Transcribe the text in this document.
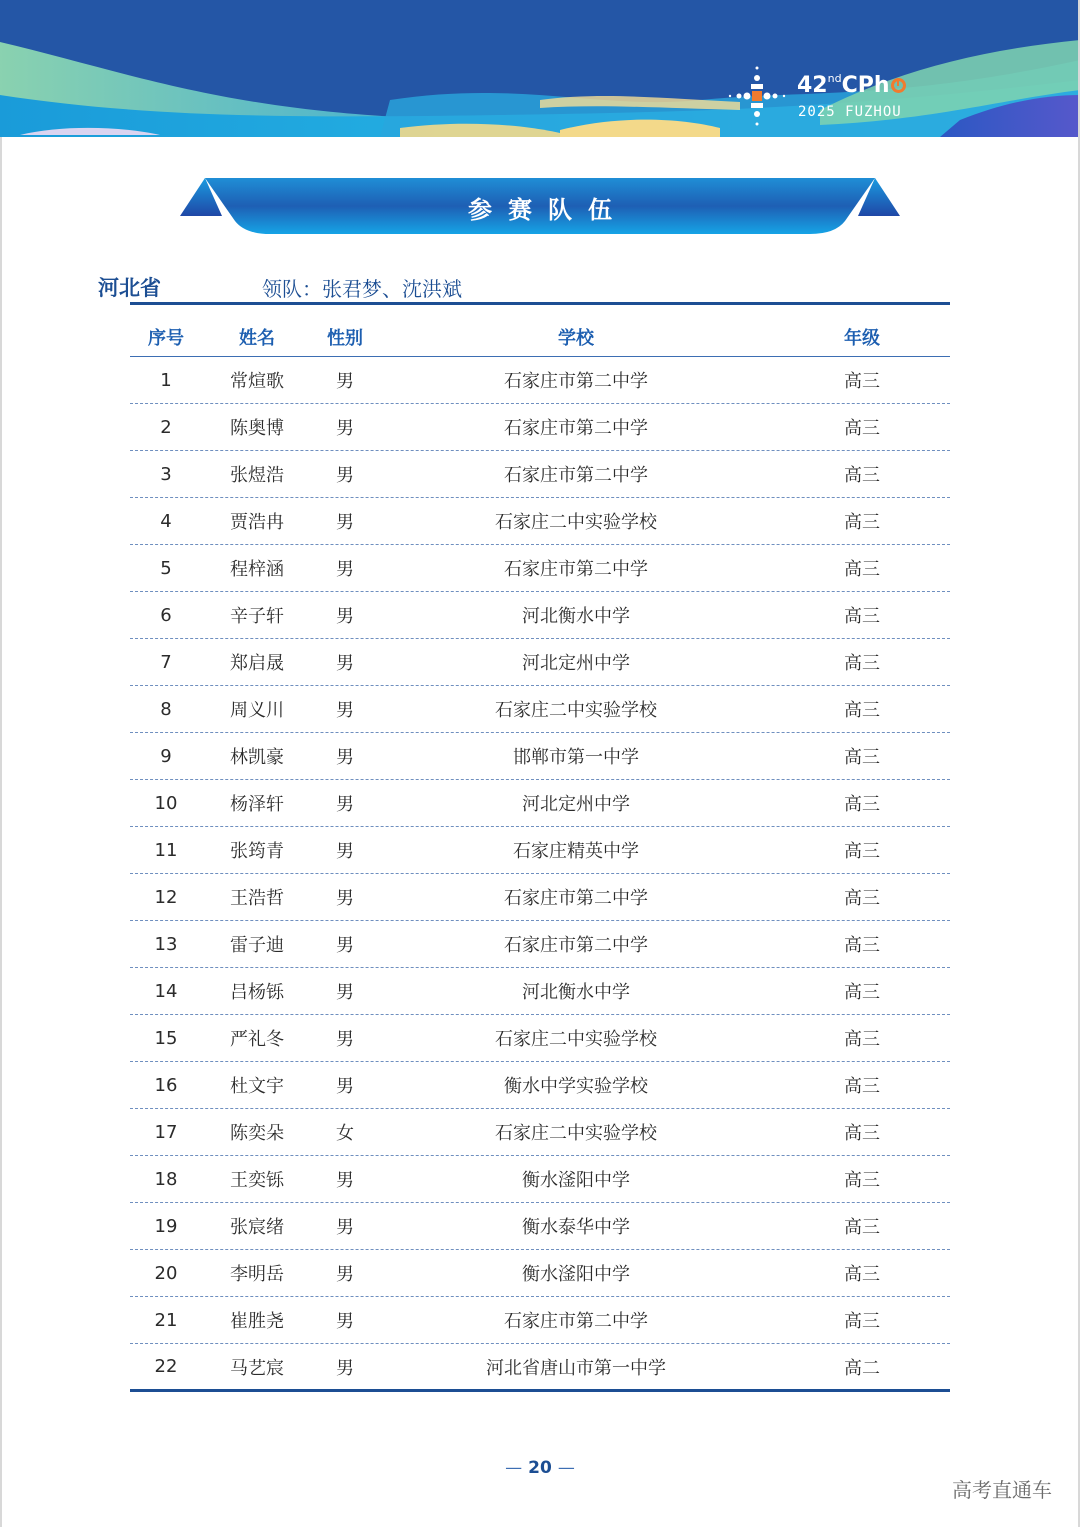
42ndCPh
2025 FUZHOU
参赛队伍
河北省	领队：张君梦、沈洪斌
序号	姓名	性别	学校	年级
1	常煊歌	男	石家庄市第二中学	高三
2	陈奥博	男	石家庄市第二中学	高三
3	张煜浩	男	石家庄市第二中学	高三
4	贾浩冉	男	石家庄二中实验学校	高三
5	程梓涵	男	石家庄市第二中学	高三
6	辛子轩	男	河北衡水中学	高三
7	郑启晟	男	河北定州中学	高三
8	周义川	男	石家庄二中实验学校	高三
9	林凯豪	男	邯郸市第一中学	高三
10	杨泽轩	男	河北定州中学	高三
11	张筠青	男	石家庄精英中学	高三
12	王浩哲	男	石家庄市第二中学	高三
13	雷子迪	男	石家庄市第二中学	高三
14	吕杨铄	男	河北衡水中学	高三
15	严礼冬	男	石家庄二中实验学校	高三
16	杜文宇	男	衡水中学实验学校	高三
17	陈奕朵	女	石家庄二中实验学校	高三
18	王奕铄	男	衡水滏阳中学	高三
19	张宸绪	男	衡水泰华中学	高三
20	李明岳	男	衡水滏阳中学	高三
21	崔胜尧	男	石家庄市第二中学	高三
22	马艺宸	男	河北省唐山市第一中学	高二
— 20 —
高考直通车
